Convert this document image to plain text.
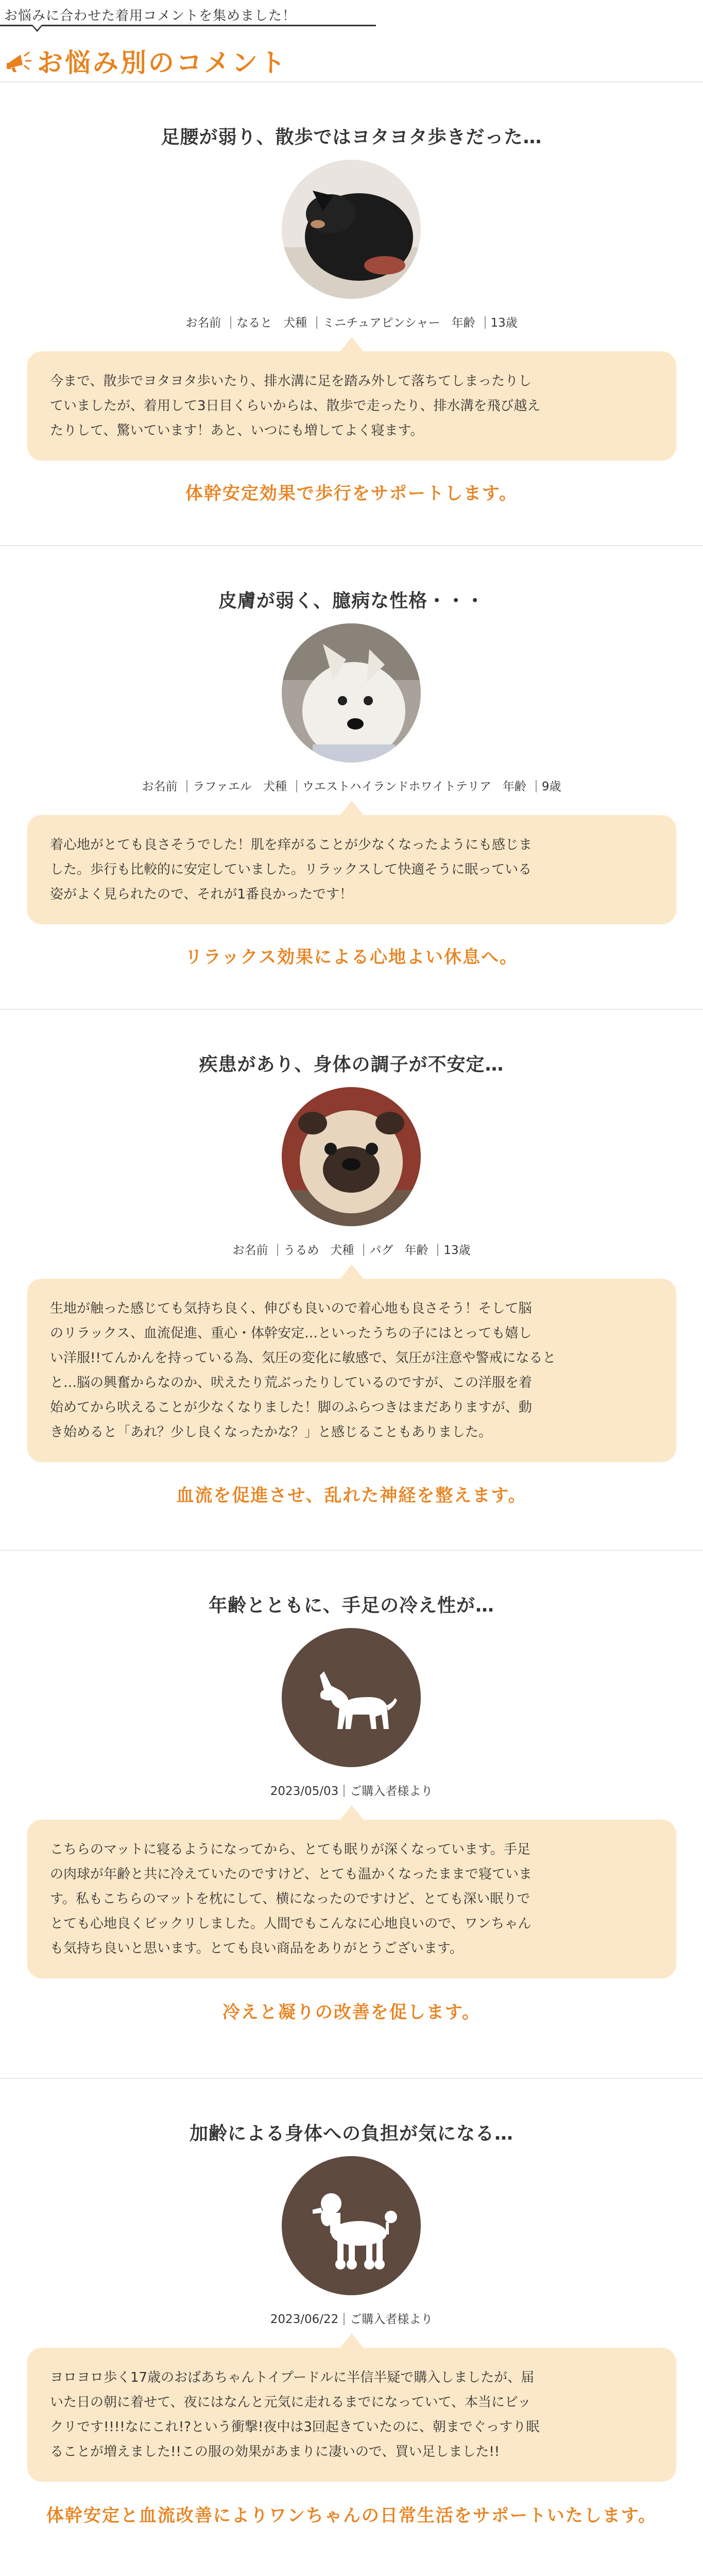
お悩みに合わせた着用コメントを集めました！
お悩み別のコメント
足腰が弱り、散歩ではヨタヨタ歩きだった…
お名前 なると 犬種 ミニチュアピンシャー 年齢 13歳
今まで、散歩でヨタヨタ歩いたり、排水溝に足を踏み外して落ちてしまったりし
ていましたが、着用して3日目くらいからは、散歩で走ったり、排水溝を飛び越え
たりして、驚いています！あと、いつにも増してよく寝ます。
体幹安定効果で歩行をサポートします。
皮膚が弱く、臆病な性格・・・
お名前 ラファエル 犬種 ウエストハイランドホワイトテリア 年齢 9歳
着心地がとても良さそうでした！肌を痒がることが少なくなったようにも感じま
した。歩行も比較的に安定していました。リラックスして快適そうに眠っている
姿がよく見られたので、それが1番良かったです！
リラックス効果による心地よい休息へ。
疾患があり、身体の調子が不安定…
お名前 うるめ 犬種 パグ 年齢 13歳
生地が触った感じても気持ち良く、伸びも良いので着心地も良さそう！そして脳
のリラックス、血流促進、重心・体幹安定…といったうちの子にはとっても嬉し
い洋服!!てんかんを持っている為、気圧の変化に敏感で、気圧が注意や警戒になると
と…脳の興奮からなのか、吠えたり荒ぶったりしているのですが、この洋服を着
始めてから吠えることが少なくなりました！脚のふらつきはまだありますが、動
き始めると「あれ？少し良くなったかな？」と感じることもありました。
血流を促進させ、乱れた神経を整えます。
年齢とともに、手足の冷え性が…
2023/05/03 ご購入者様より
こちらのマットに寝るようになってから、とても眠りが深くなっています。手足
の肉球が年齢と共に冷えていたのですけど、とても温かくなったままで寝ていま
す。私もこちらのマットを枕にして、横になったのですけど、とても深い眠りで
とても心地良くビックリしました。人間でもこんなに心地良いので、ワンちゃん
も気持ち良いと思います。とても良い商品をありがとうございます。
冷えと凝りの改善を促します。
加齢による身体への負担が気になる…
2023/06/22 ご購入者様より
ヨロヨロ歩く17歳のおばあちゃんトイプードルに半信半疑で購入しましたが、届
いた日の朝に着せて、夜にはなんと元気に走れるまでになっていて、本当にビッ
クリです!!!!なにこれ!?という衝撃!夜中は3回起きていたのに、朝までぐっすり眠
ることが増えました!!この服の効果があまりに凄いので、買い足しました!!
体幹安定と血流改善によりワンちゃんの日常生活をサポートいたします。
